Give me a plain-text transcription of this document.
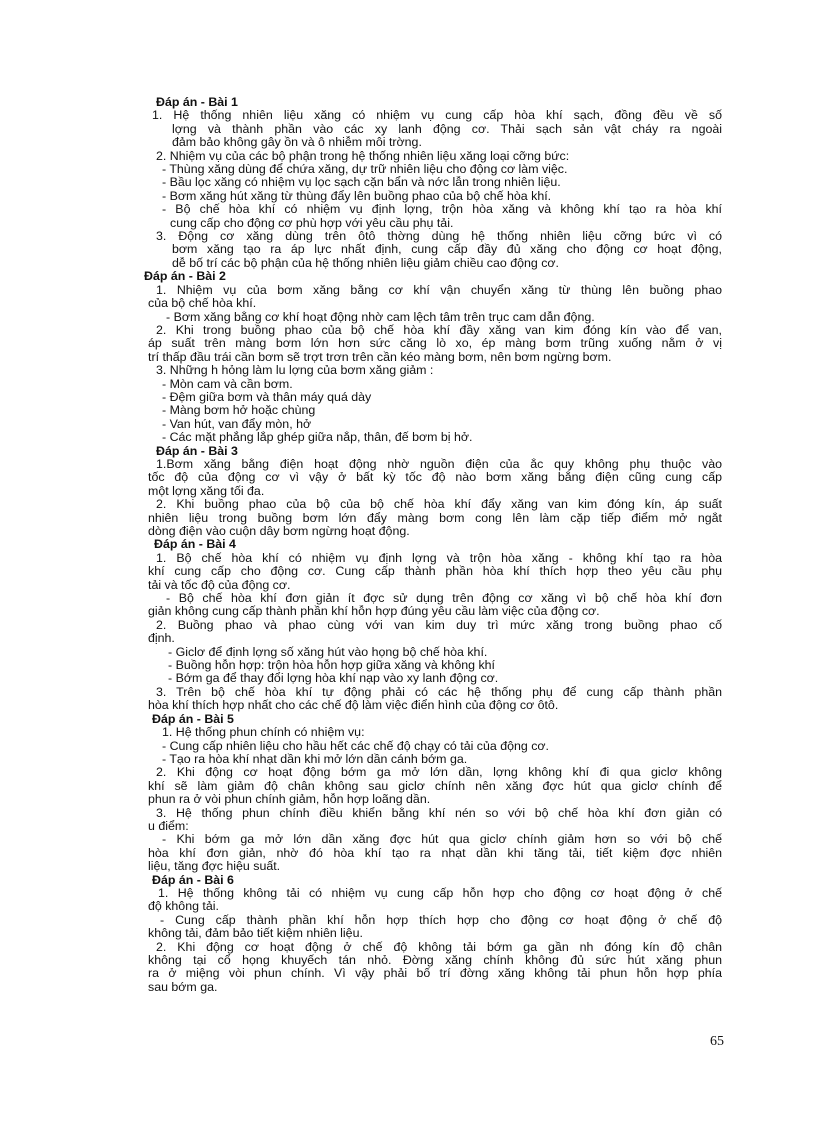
Đáp án - Bài 1
1. Hệ thống nhiên liệu xăng có nhiệm vụ cung cấp hòa khí sạch, đồng đều về số
lợng và thành phần vào các xy lanh động cơ. Thải sạch sản vật cháy ra ngoài
đảm bảo không gây ồn và ô nhiễm môi trờng.
2. Nhiệm vụ của các bộ phận trong hệ thống nhiên liệu xăng loại cỡng bức:
- Thùng xăng dùng để chứa xăng, dự trữ nhiên liệu cho động cơ làm việc.
- Bầu lọc xăng có nhiệm vụ lọc sạch cặn bẩn và nớc lẫn trong nhiên liệu.
- Bơm xăng hút xăng từ thùng đẩy lên buồng phao của bộ chế hòa khí.
- Bộ chế hòa khí có nhiệm vụ định lợng, trộn hòa xăng và không khí tạo ra hòa khí
cung cấp cho động cơ phù hợp với yêu cầu phụ tải.
3. Động cơ xăng dùng trên ôtô thờng dùng hệ thống nhiên liệu cỡng bức vì có
bơm xăng tạo ra áp lực nhất định, cung cấp đầy đủ xăng cho động cơ hoạt động,
dễ bố trí các bộ phận của hệ thống nhiên liệu giảm chiều cao động cơ.
Đáp án - Bài 2
1. Nhiệm vụ của bơm xăng bằng cơ khí vận chuyển xăng từ thùng lên buồng phao
của bộ chế hòa khí.
- Bơm xăng bằng cơ khí hoạt động nhờ cam lệch tâm trên trục cam dẫn động.
2. Khi trong buồng phao của bộ chế hòa khí đầy xăng van kim đóng kín vào để van,
áp suất trên màng bơm lớn hơn sức căng lò xo, ép màng bơm trũng xuống nằm ở vị
trí thấp đầu trái cần bơm sẽ trợt trơn trên cần kéo màng bơm, nên bơm ngừng bơm.
3. Những h hỏng làm lu lợng của bơm xăng giảm :
- Mòn cam và cần bơm.
- Đệm giữa bơm và thân máy quá dày
- Màng bơm hở hoặc chùng
- Van hút, van đẩy mòn, hở
- Các mặt phẳng lắp ghép giữa nắp, thân, đế bơm bị hở.
Đáp án - Bài 3
1.Bơm xăng bằng điện hoạt động nhờ nguồn điện của ắc quy không phụ thuộc vào
tốc độ của động cơ vì vậy ở bất kỳ tốc độ nào bơm xăng bằng điện cũng cung cấp
một lợng xăng tối đa.
2. Khi buồng phao của bộ của bộ chế hòa khí đẩy xăng van kim đóng kín, áp suất
nhiên liệu trong buồng bơm lớn đẩy màng bơm cong lên làm cặp tiếp điểm mở ngắt
dòng điện vào cuộn dây bơm ngừng hoạt động.
Đáp án - Bài 4
1. Bộ chế hòa khí có nhiệm vụ định lợng và trộn hòa xăng - không khí tạo ra hòa
khí cung cấp cho động cơ. Cung cấp thành phần hòa khí thích hợp theo yêu cầu phụ
tải và tốc độ của động cơ.
- Bộ chế hòa khí đơn giản ít đợc sử dụng trên động cơ xăng vì bộ chế hòa khí đơn
giản không cung cấp thành phần khí hỗn hợp đúng yêu cầu làm việc của động cơ.
2. Buồng phao và phao cùng với van kim duy trì mức xăng trong buồng phao cố
định.
- Giclơ để định lợng số xăng hút vào họng bộ chế hòa khí.
- Buồng hỗn hợp: trộn hòa hỗn hợp giữa xăng và không khí
- Bớm ga để thay đổi lợng hòa khí nạp vào xy lanh động cơ.
3. Trên bộ chế hòa khí tự động phải có các hệ thống phụ để cung cấp thành phần
hòa khí thích hợp nhất cho các chế độ làm việc điển hình của động cơ ôtô.
Đáp án - Bài 5
1. Hệ thống phun chính có nhiệm vụ:
- Cung cấp nhiên liệu cho hầu hết các chế độ chạy có tải của động cơ.
- Tạo ra hòa khí nhạt dần khi mở lớn dần cánh bớm ga.
2. Khi động cơ hoạt động bớm ga mở lớn dần, lợng không khí đi qua giclơ không
khí sẽ làm giảm độ chân không sau giclơ chính nên xăng đợc hút qua giclơ chính để
phun ra ở vòi phun chính giảm, hỗn hợp loãng dần.
3. Hệ thống phun chính điều khiển bằng khí nén so với bộ chế hòa khí đơn giản có
u điểm:
- Khi bớm ga mở lớn dần xăng đợc hút qua giclơ chính giảm hơn so với bộ chế
hòa khí đơn giản, nhờ đó hòa khí tạo ra nhạt dần khi tăng tải, tiết kiệm đợc nhiên
liệu, tăng đợc hiệu suất.
Đáp án - Bài 6
1. Hệ thống không tải có nhiệm vụ cung cấp hỗn hợp cho động cơ hoạt động ở chế
độ không tải.
- Cung cấp thành phần khí hỗn hợp thích hợp cho động cơ hoạt động ở chế độ
không tải, đảm bảo tiết kiệm nhiên liệu.
2. Khi động cơ hoạt động ở chế độ không tải bớm ga gần nh đóng kín độ chân
không tại cổ họng khuyếch tán nhỏ. Đờng xăng chính không đủ sức hút xăng phun
ra ở miệng vòi phun chính. Vì vậy phải bố trí đờng xăng không tải phun hỗn hợp phía
sau bớm ga.
65
